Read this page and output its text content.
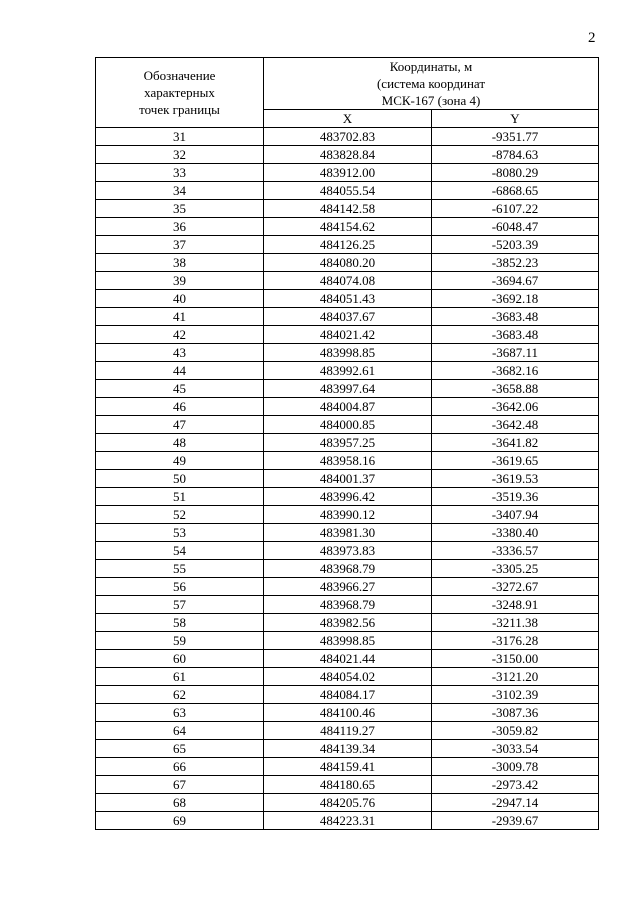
2
Обозначение
характерных
точек границы	Координаты, м
(система координат
МСК-167 (зона 4)	

	X	Y
31	483702.83	-9351.77
32	483828.84	-8784.63
33	483912.00	-8080.29
34	484055.54	-6868.65
35	484142.58	-6107.22
36	484154.62	-6048.47
37	484126.25	-5203.39
38	484080.20	-3852.23
39	484074.08	-3694.67
40	484051.43	-3692.18
41	484037.67	-3683.48
42	484021.42	-3683.48
43	483998.85	-3687.11
44	483992.61	-3682.16
45	483997.64	-3658.88
46	484004.87	-3642.06
47	484000.85	-3642.48
48	483957.25	-3641.82
49	483958.16	-3619.65
50	484001.37	-3619.53
51	483996.42	-3519.36
52	483990.12	-3407.94
53	483981.30	-3380.40
54	483973.83	-3336.57
55	483968.79	-3305.25
56	483966.27	-3272.67
57	483968.79	-3248.91
58	483982.56	-3211.38
59	483998.85	-3176.28
60	484021.44	-3150.00
61	484054.02	-3121.20
62	484084.17	-3102.39
63	484100.46	-3087.36
64	484119.27	-3059.82
65	484139.34	-3033.54
66	484159.41	-3009.78
67	484180.65	-2973.42
68	484205.76	-2947.14
69	484223.31	-2939.67
